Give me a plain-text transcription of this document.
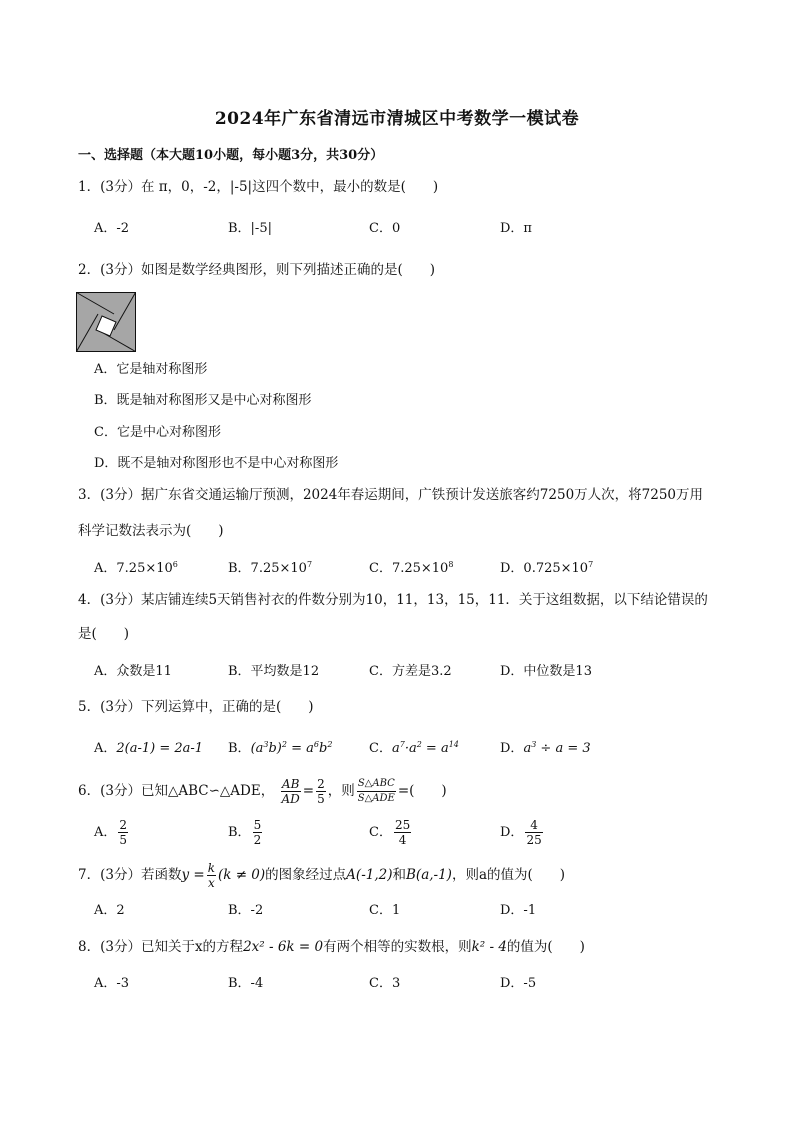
2024年广东省清远市清城区中考数学一模试卷
一、选择题（本大题10小题，每小题3分，共30分）
1．(3分）在 π，0，-2，|-5|这四个数中，最小的数是(　　)
A．-2	B．|-5|	C．0	D．π
2．(3分）如图是数学经典图形，则下列描述正确的是(　　)
A．它是轴对称图形
B．既是轴对称图形又是中心对称图形
C．它是中心对称图形
D．既不是轴对称图形也不是中心对称图形
3．(3分）据广东省交通运输厅预测，2024年春运期间，广铁预计发送旅客约7250万人次，将7250万用
科学记数法表示为(　　)
A．$7.25\times 10^6$	B．$7.25\times 10^7$	C．$7.25\times 10^8$	D．$0.725\times 10^7$
4．(3分）某店铺连续5天销售衬衣的件数分别为10，11，13，15，11．关于这组数据，以下结论错误的
是(　　)
A．众数是11	B．平均数是12	C．方差是3.2	D．中位数是13
5．(3分）下列运算中，正确的是(　　)
A．2(a-1) = 2a-1 B．$(a^3b)^2 = a^6b^2$	C．$a^7\cdot a^2 = a^{14}$	D．$a^3 \div a = 3$
6．(3分）已知△ABC∽△ADE， $\frac{AB}{AD} = \frac{2}{5}$ ，则 $\frac{\text{S△ABC}}{\text{S△ADE}}$ =(　　)
A． $\frac{2}{5}$	B． $\frac{5}{2}$	C． $\frac{25}{4}$	D． $\frac{4}{25}$
7．(3分）若函数$y = \frac{k}{x} (k \ne 0)$的图象经过点A(-1,2)和B(a,-1)，则a的值为(　　)
A．2	B．-2	C．1	D．-1
8．(3分）已知关于x的方程2x² - 6k = 0有两个相等的实数根，则k² - 4的值为(　　)
A．-3	B．-4	C．3	D．-5
